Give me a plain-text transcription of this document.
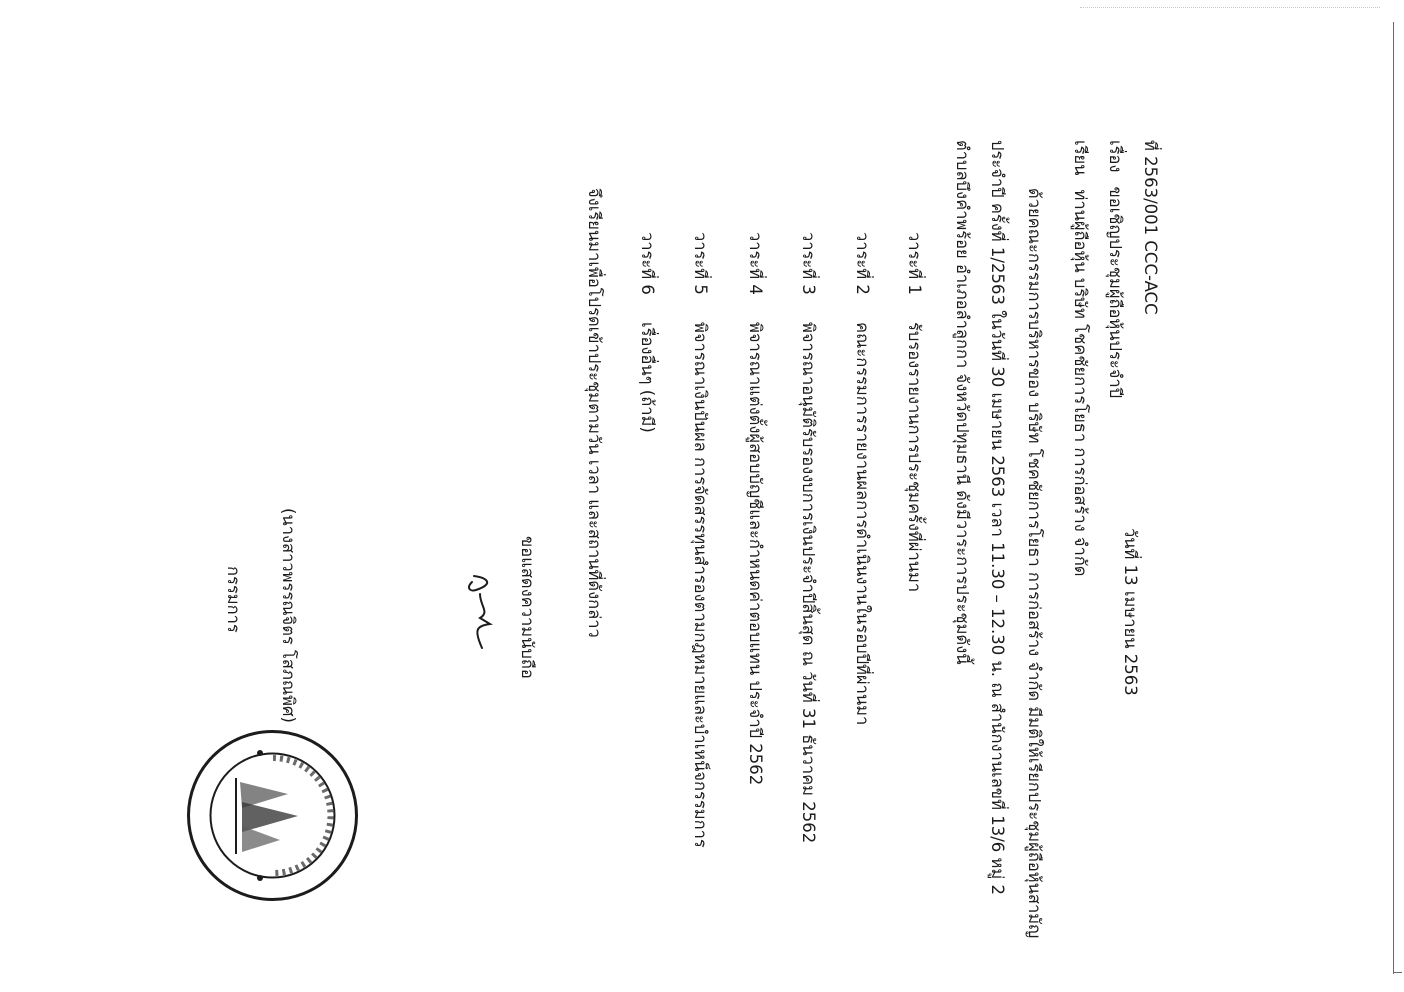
ที่ 2563/001 CCC-ACC
วันที่ 13 เมษายน 2563
เรื่อง
ขอเชิญประชุมผู้ถือหุ้นประจำปี
เรียน
ท่านผู้ถือหุ้น บริษัท โชคชัยการโยธา การก่อสร้าง จำกัด
ด้วยคณะกรรมการบริหารของ บริษัท โชคชัยการโยธา การก่อสร้าง จำกัด มีมติให้เรียกประชุมผู้ถือหุ้นสามัญ
ประจำปี ครั้งที่ 1/2563 ในวันที่ 30 เมษายน 2563 เวลา 11.30 – 12.30 น. ณ สำนักงานเลขที่ 13/6 หมู่ 2
ตำบลบึงคำพร้อย อำเภอลำลูกกา จังหวัดปทุมธานี ดังมีวาระการประชุมดังนี้
วาระที่ 1
รับรองรายงานการประชุมครั้งที่ผ่านมา
วาระที่ 2
คณะกรรมการรายงานผลการดำเนินงานในรอบปีที่ผ่านมา
วาระที่ 3
พิจารณาอนุมัติรับรองงบการเงินประจำปีสิ้นสุด ณ วันที่ 31 ธันวาคม 2562
วาระที่ 4
พิจารณาแต่งตั้งผู้สอบบัญชีและกำหนดค่าตอบแทน ประจำปี 2562
วาระที่ 5
พิจารณาเงินปันผล การจัดสรรทุนสำรองตามกฎหมายและบำเหน็จกรรมการ
วาระที่ 6
เรื่องอื่นๆ (ถ้ามี)
จึงเรียนมาเพื่อโปรดเข้าประชุมตามวัน เวลา และสถานที่ดังกล่าว
ขอแสดงความนับถือ
(นางสาวพรรณจิตร โสภณพิศ)
กรรมการ
